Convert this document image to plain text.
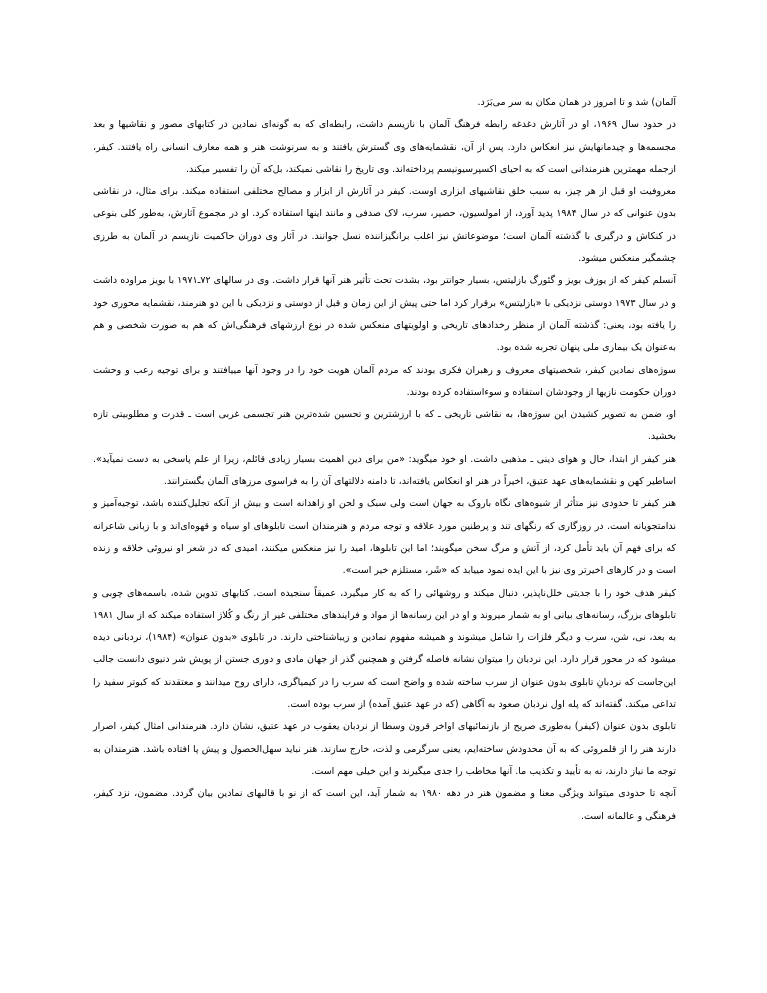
آلمان) شد و تا امروز در همان مکان به سر می‌بَرَد.

در حدود سال ۱۹۶۹، او در آثارش دغدغه رابطه فرهنگ آلمان با نازیسم داشت، رابطه‌ای که به گونه‌ای نمادین در کتابهای مصور و نقاشیها و بعد مجسمه‌ها و چیدمانهایش نیز انعکاس دارد. پس از آن، نقشمایه‌های وی گسترش یافتند و به سرنوشت هنر و همه معارف انسانی راه یافتند. کیفر، ازجمله مهمترین هنرمندانی است که به احیای اکسپرسیونیسم پرداخته‌اند. وی تاریخ را نقاشی نمیکند، بل‌که آن را تفسیر میکند.

معروفیت او قبل از هر چیز، به سبب خلق نقاشیهای ابزاری اوست. کیفر در آثارش از ابزار و مصالح مختلفی استفاده میکند. برای مثال، در نقاشی بدون عنوانی که در سال ۱۹۸۴ پدید آورد، از امولسیون، حصیر، سرب، لاک صدفی و مانند اینها استفاده کرد. او در مجموع آثارش، به‌طور کلی بنوعی در کنکاش و درگیری با گذشته آلمان است؛ موضوعاتش نیز اغلب برانگیزاننده نسل جوانند. در آثار وی دوران حاکمیت نازیسم در آلمان به طرزی چشمگیر منعکس میشود.

آنسلم کیفر که از یوزف بویز و گئورگ بازلیتس، بسیار جوانتر بود، بشدت تحت تأثیر هنر آنها قرار داشت. وی در سالهای ۷۲ـ۱۹۷۱ با بویز مراوده داشت و در سال ۱۹۷۳ دوستی نزدیکی با «بازلیتس» برقرار کرد اما حتی پیش از این زمان و قبل از دوستی و نزدیکی با این دو هنرمند، نقشمایه محوری خود را یافته بود، یعنی: گذشته آلمان از منظر رخدادهای تاریخی و اولویتهای منعکس شده در نوع ارزشهای فرهنگی‌اش که هم به صورت شخصی و هم به‌عنوان یک بیماری ملی پنهان تجربه شده بود.

سوژه‌های نمادین کیفر، شخصیتهای معروف و رهبران فکری بودند که مردم آلمان هویت خود را در وجود آنها مییافتند و برای توجیه رعب و وحشت دوران حکومت نازیها از وجودشان استفاده و سوءاستفاده کرده بودند.

او، ضمن به تصویر کشیدن این سوژه‌ها، به نقاشی تاریخی ـ که با ارزشترین و تحسین شده‌ترین هنر تجسمی غربی است ـ قدرت و مطلوبیتی تازه بخشید.

هنر کیفر از ابتدا، حال و هوای دینی ـ مذهبی داشت. او خود میگوید: «من برای دین اهمیت بسیار زیادی قائلم، زیرا از علم پاسخی به دست نمیآید». اساطیر کهن و نقشمایه‌های عهد عتیق، اخیراً در هنر او انعکاس یافته‌اند، تا دامنه دلالتهای آن را به فراسوی مرزهای آلمان بگسترانند.

هنر کیفر تا حدودی نیز متأثر از شیوه‌های نگاه باروک به جهان است ولی سبک و لحن او زاهدانه است و بیش از آنکه تجلیل‌کننده باشد، توجیه‌آمیز و ندامتجویانه است. در روزگاری که رنگهای تند و پرطنین مورد علاقه و توجه مردم و هنرمندان است تابلوهای او سیاه و قهوه‌ای‌اند و با زبانی شاعرانه که برای فهم آن باید تأمل کرد، از آتش و مرگ سخن میگویند؛ اما این تابلوها، امید را نیز منعکس میکنند، امیدی که در شعر او نیروئی خلاقه و زنده است و در کارهای اخیرتر وی نیز با این ایده نمود مییابد که «شَر، مستلزم خیر است».

کیفر هدف خود را با جدیتی خلل‌ناپذیر، دنبال میکند و روشهائی را که به کار میگیرد، عمیقاً سنجیده است. کتابهای تدوین شده، باسمه‌های چوبی و تابلوهای بزرگ، رسانه‌های بیانی او به شمار میروند و او در این رسانه‌ها از مواد و فرایندهای مختلفی غیر از رنگ و کُلاژ استفاده میکند که از سال ۱۹۸۱ به بعد، نی، شن، سرب و دیگر فلزات را شامل میشوند و همیشه مفهوم نمادین و زیباشناختی دارند. در تابلوی «بدون عنوان» (۱۹۸۴)، نردبانی دیده میشود که در محور قرار دارد. این نردبان را میتوان نشانه فاصله گرفتن و همچنین گذر از جهان مادی و دوری جستن از پویش شر دنیوی دانست جالب این‌جاست که نردبانِ تابلوی بدون عنوان از سرب ساخته شده و واضح است که سرب را در کیمیاگری، دارای روح میدانند و معتقدند که کبوتر سفید را تداعی میکند. گفته‌اند که پله اول نردبان صعود به آگاهی (که در عهد عتیق آمده) از سرب بوده است.

تابلوی بدون عنوان (کیفر) به‌طوری صریح از بازنمائیهای اواخر قرون وسطا از نردبان یعقوب در عهد عتیق، نشان دارد. هنرمندانی امثال کیفر، اصرار دارند هنر را از قلمروئی که به آن محدودش ساخته‌ایم، یعنی سرگرمی و لذت، خارج سازند. هنر نباید سهل‌الحصول و پیش پا افتاده باشد. هنرمندان به توجه ما نیاز دارند، نه به تأیید و تکذیب ما. آنها مخاطب را جدی میگیرند و این خیلی مهم است.

آنچه تا حدودی میتواند ویژگی معنا و مضمون هنر در دهه ۱۹۸۰ به شمار آید، این است که از نو با قالبهای نمادین بیان گردد. مضمون، نزد کیفر، فرهنگی و عالمانه است.
